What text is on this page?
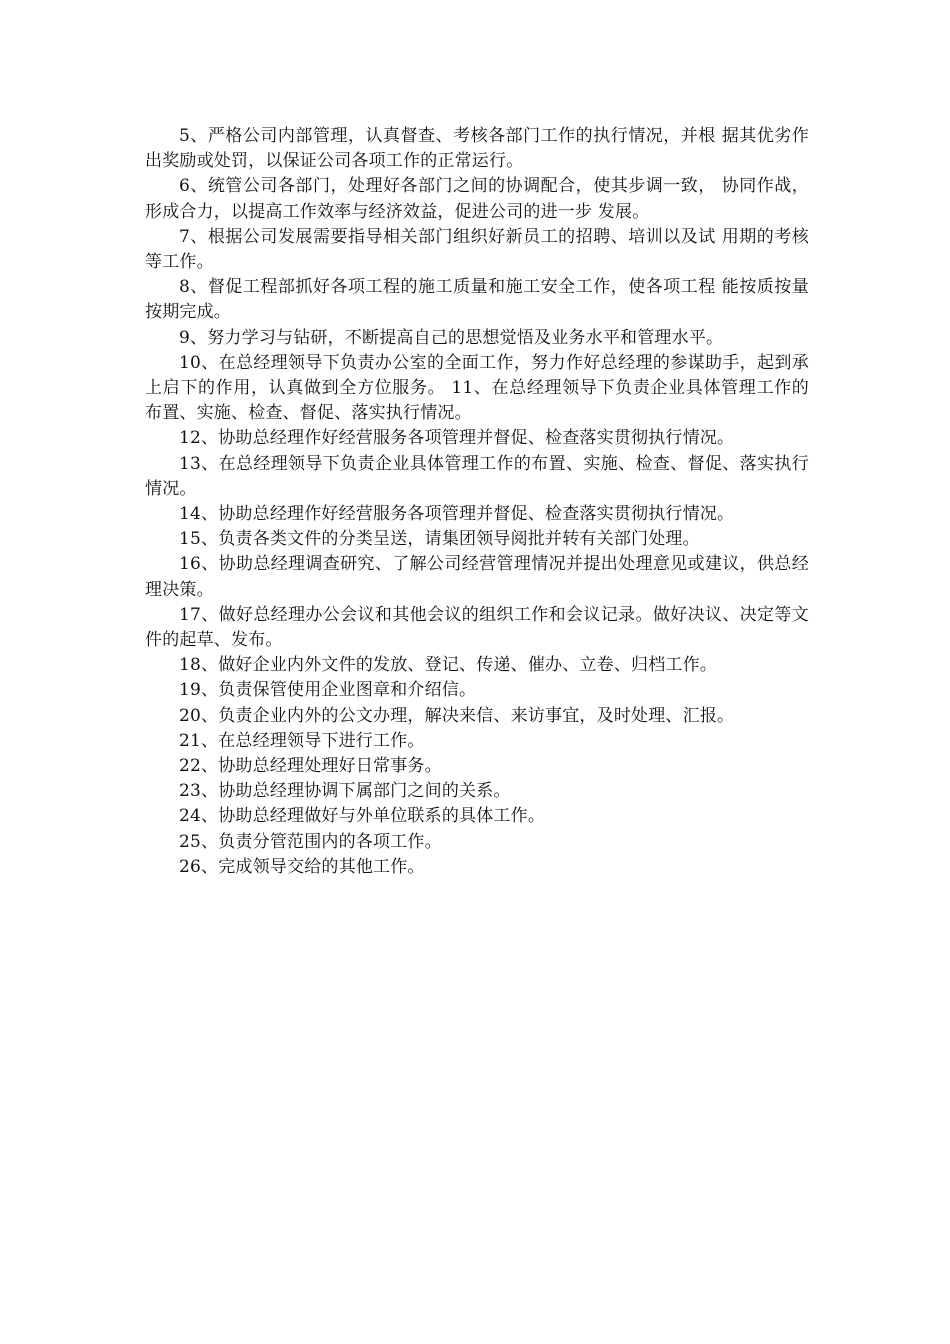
5、严格公司内部管理，认真督查、考核各部门工作的执行情况，并根 据其优劣作出奖励或处罚，以保证公司各项工作的正常运行。

6、统管公司各部门，处理好各部门之间的协调配合，使其步调一致， 协同作战，形成合力，以提高工作效率与经济效益，促进公司的进一步 发展。

7、根据公司发展需要指导相关部门组织好新员工的招聘、培训以及试 用期的考核等工作。

8、督促工程部抓好各项工程的施工质量和施工安全工作，使各项工程 能按质按量按期完成。

9、努力学习与钻研，不断提高自己的思想觉悟及业务水平和管理水平。

10、在总经理领导下负责办公室的全面工作，努力作好总经理的参谋助手，起到承上启下的作用，认真做到全方位服务。 11、在总经理领导下负责企业具体管理工作的布置、实施、检查、督促、落实执行情况。

12、协助总经理作好经营服务各项管理并督促、检查落实贯彻执行情况。

13、在总经理领导下负责企业具体管理工作的布置、实施、检查、督促、落实执行情况。

14、协助总经理作好经营服务各项管理并督促、检查落实贯彻执行情况。

15、负责各类文件的分类呈送，请集团领导阅批并转有关部门处理。

16、协助总经理调查研究、了解公司经营管理情况并提出处理意见或建议，供总经理决策。

17、做好总经理办公会议和其他会议的组织工作和会议记录。做好决议、决定等文件的起草、发布。

18、做好企业内外文件的发放、登记、传递、催办、立卷、归档工作。

19、负责保管使用企业图章和介绍信。

20、负责企业内外的公文办理，解决来信、来访事宜，及时处理、汇报。

21、在总经理领导下进行工作。

22、协助总经理处理好日常事务。

23、协助总经理协调下属部门之间的关系。

24、协助总经理做好与外单位联系的具体工作。

25、负责分管范围内的各项工作。

26、完成领导交给的其他工作。
